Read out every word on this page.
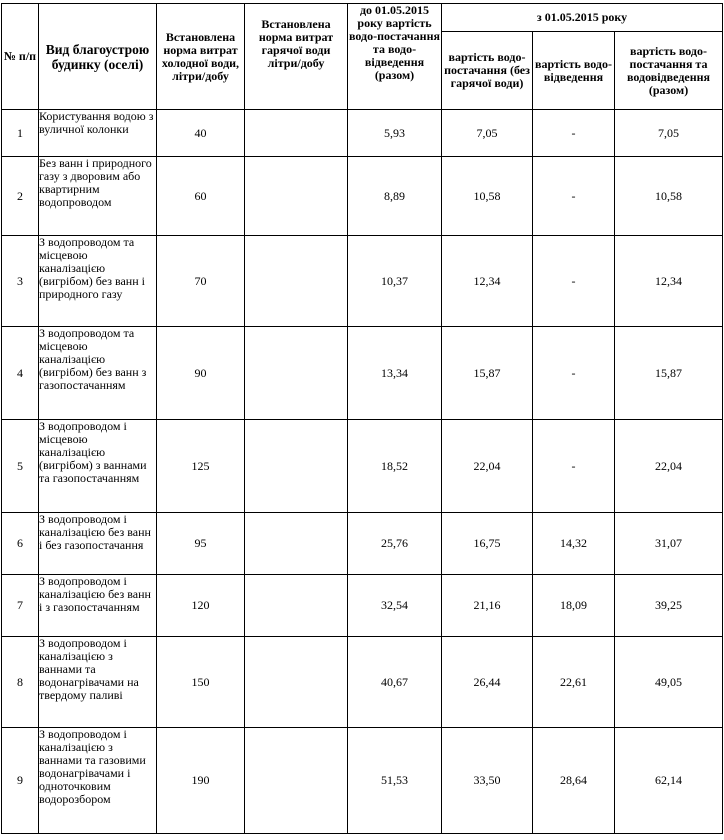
№ п/п	Вид благоустрою будинку (оселі)	Встановлена норма витрат холодної води, літри/добу	Встановлена норма витрат гарячої води літри/добу	до 01.05.2015 року вартість водо-постачання та водо-відведення (разом)	з 01.05.2015 року		
					вартість водо-постачання (без гарячої води)	вартість водо-відведення	вартість водо-постачання та водовідведення (разом)
1	Користування водою з вуличної колонки	40		5,93	7,05	-	7,05
2	Без ванн і природного газу з дворовим або квартирним водопроводом	60		8,89	10,58	-	10,58
3	З водопроводом та місцевою каналізацією (вигрібом) без ванн і природного газу	70		10,37	12,34	-	12,34
4	З водопроводом та місцевою каналізацією (вигрібом) без ванн з газопостачанням	90		13,34	15,87	-	15,87
5	З водопроводом і місцевою каналізацією (вигрібом) з ваннами та газопостачанням	125		18,52	22,04	-	22,04
6	З водопроводом і каналізацією без ванн і без газопостачання	95		25,76	16,75	14,32	31,07
7	З водопроводом і каналізацією без ванн і з газопостачанням	120		32,54	21,16	18,09	39,25
8	З водопроводом і каналізацією з ваннами та водонагрівачами на твердому паливі	150		40,67	26,44	22,61	49,05
9	З водопроводом і каналізацією з ваннами та газовими водонагрівачами і одноточковим водорозбором	190		51,53	33,50	28,64	62,14
